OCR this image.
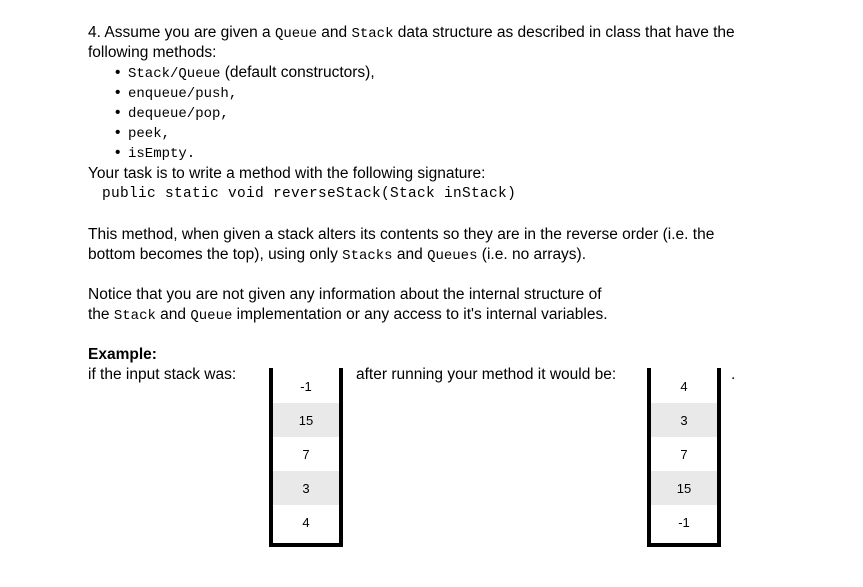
4. Assume you are given a Queue and Stack data structure as described in class that have the
following methods:
• Stack/Queue (default constructors),
• enqueue/push,
• dequeue/pop,
• peek,
• isEmpty.
Your task is to write a method with the following signature:
public static void reverseStack(Stack inStack)
This method, when given a stack alters its contents so they are in the reverse order (i.e. the
bottom becomes the top), using only Stacks and Queues (i.e. no arrays).
Notice that you are not given any information about the internal structure of
the Stack and Queue implementation or any access to it's internal variables.
Example:
if the input stack was:
-1
15
7
3
4
after running your method it would be:
4
3
7
15
-1
.
